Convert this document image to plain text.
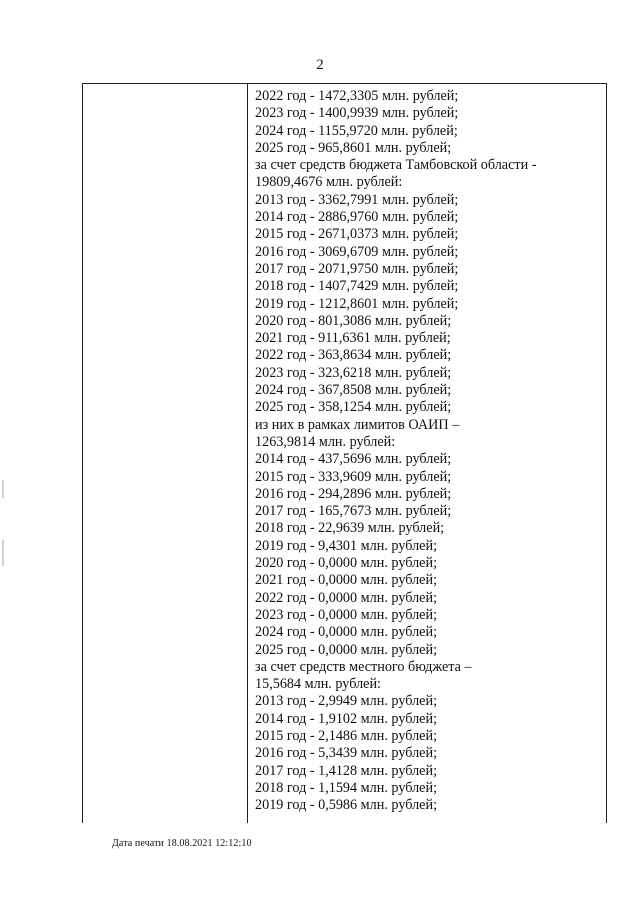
2
2022 год - 1472,3305 млн. рублей;
2023 год - 1400,9939 млн. рублей;
2024 год - 1155,9720 млн. рублей;
2025 год - 965,8601 млн. рублей;
за счет средств бюджета Тамбовской области -
19809,4676 млн. рублей:
2013 год - 3362,7991 млн. рублей;
2014 год - 2886,9760 млн. рублей;
2015 год - 2671,0373 млн. рублей;
2016 год - 3069,6709 млн. рублей;
2017 год - 2071,9750 млн. рублей;
2018 год - 1407,7429 млн. рублей;
2019 год - 1212,8601 млн. рублей;
2020 год - 801,3086 млн. рублей;
2021 год - 911,6361 млн. рублей;
2022 год - 363,8634 млн. рублей;
2023 год - 323,6218 млн. рублей;
2024 год - 367,8508 млн. рублей;
2025 год - 358,1254 млн. рублей;
из них в рамках лимитов ОАИП –
1263,9814 млн. рублей:
2014 год - 437,5696 млн. рублей;
2015 год - 333,9609 млн. рублей;
2016 год - 294,2896 млн. рублей;
2017 год - 165,7673 млн. рублей;
2018 год - 22,9639 млн. рублей;
2019 год - 9,4301 млн. рублей;
2020 год - 0,0000 млн. рублей;
2021 год - 0,0000 млн. рублей;
2022 год - 0,0000 млн. рублей;
2023 год - 0,0000 млн. рублей;
2024 год - 0,0000 млн. рублей;
2025 год - 0,0000 млн. рублей;
за счет средств местного бюджета –
15,5684 млн. рублей:
2013 год - 2,9949 млн. рублей;
2014 год - 1,9102 млн. рублей;
2015 год - 2,1486 млн. рублей;
2016 год - 5,3439 млн. рублей;
2017 год - 1,4128 млн. рублей;
2018 год - 1,1594 млн. рублей;
2019 год - 0,5986 млн. рублей;
Дата печати 18.08.2021 12:12:10
